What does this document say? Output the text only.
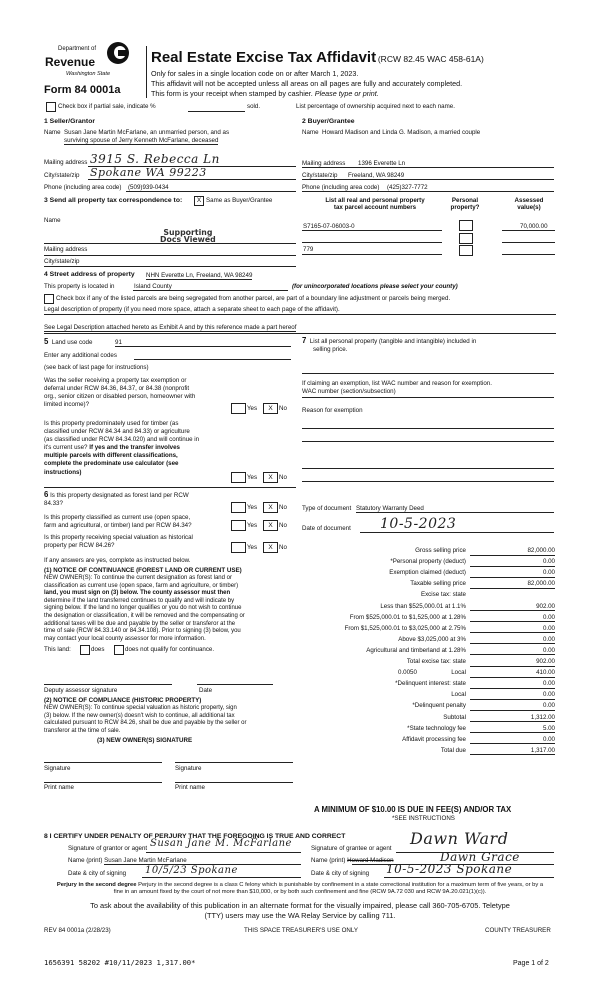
Department of
Revenue
Washington State
Form 84 0001a
Real Estate Excise Tax Affidavit (RCW 82.45 WAC 458-61A)
Only for sales in a single location code on or after March 1, 2023.
This affidavit will not be accepted unless all areas on all pages are fully and accurately completed.
This form is your receipt when stamped by cashier. Please type or print.
Check box if partial sale, indicate %	sold.	List percentage of ownership acquired next to each name.
1 Seller/Grantor
Name Susan Jane Martin McFarlane, an unmarried person, and as
surviving spouse of Jerry Kenneth McFarlane, deceased
Mailing address 3915 S. Rebecca Ln
City/state/zip Spokane WA 99223
Phone (including area code) (509)939-0434
2 Buyer/Grantee
Name Howard Madison and Linda G. Madison, a married couple
Mailing address 1396 Everette Ln
City/state/zip Freeland, WA 98249
Phone (including area code) (425)327-7772
3 Send all property tax correspondence to:	X Same as Buyer/Grantee
Name
Supporting
Docs Viewed
Mailing address
City/state/zip
List all real and personal property
tax parcel account numbers
Personal
property?
Assessed
value(s)
S7165-07-06003-0	70,000.00
779
4 Street address of property NHN Everette Ln, Freeland, WA 98249
This property is located in	Island County	(for unincorporated locations please select your county)
Check box if any of the listed parcels are being segregated from another parcel, are part of a boundary line adjustment or parcels being merged.
Legal description of property (if you need more space, attach a separate sheet to each page of the affidavit).
See Legal Description attached hereto as Exhibit A and by this reference made a part hereof
5 Land use code	91
Enter any additional codes
(see back of last page for instructions)
Was the seller receiving a property tax exemption or
deferral under RCW 84.36, 84.37, or 84.38 (nonprofit
org., senior citizen or disabled person, homeowner with
limited income)?
Yes	X	No
Is this property predominately used for timber (as
classified under RCW 84.34 and 84.33) or agriculture
(as classified under RCW 84.34.020) and will continue in
it's current use? If yes and the transfer involves
multiple parcels with different classifications,
complete the predominate use calculator (see
instructions)
Yes	X	No
6 Is this property designated as forest land per RCW
84.33?
Yes	X	No
Is this property classified as current use (open space,
farm and agricultural, or timber) land per RCW 84.34?	Yes	X	No
Is this property receiving special valuation as historical
property per RCW 84.26?	Yes	X	No
If any answers are yes, complete as instructed below.
(1) NOTICE OF CONTINUANCE (FOREST LAND OR CURRENT USE)
NEW OWNER(S): To continue the current designation as forest land or
classification as current use (open space, farm and agriculture, or timber)
land, you must sign on (3) below. The county assessor must then
determine if the land transferred continues to qualify and will indicate by
signing below. If the land no longer qualifies or you do not wish to continue
the designation or classification, it will be removed and the compensating or
additional taxes will be due and payable by the seller or transferor at the
time of sale (RCW 84.33.140 or 84.34.108). Prior to signing (3) below, you
may contact your local county assessor for more information.
This land:	does	does not qualify for continuance.
Deputy assessor signature	Date
(2) NOTICE OF COMPLIANCE (HISTORIC PROPERTY)
NEW OWNER(S): To continue special valuation as historic property, sign
(3) below. If the new owner(s) doesn't wish to continue, all additional tax
calculated pursuant to RCW 84.26, shall be due and payable by the seller or
transferor at the time of sale.
(3) NEW OWNER(S) SIGNATURE
Signature	Signature
Print name	Print name
7 List all personal property (tangible and intangible) included in
selling price.
If claiming an exemption, list WAC number and reason for exemption.
WAC number (section/subsection)
Reason for exemption
Type of document Statutory Warranty Deed
Date of document 10-5-2023
Gross selling price	82,000.00
*Personal property (deduct)	0.00
Exemption claimed (deduct)	0.00
Taxable selling price	82,000.00
Excise tax: state
Less than $525,000.01 at 1.1%	902.00
From $525,000.01 to $1,525,000 at 1.28%	0.00
From $1,525,000.01 to $3,025,000 at 2.75%	0.00
Above $3,025,000 at 3%	0.00
Agricultural and timberland at 1.28%	0.00
Total excise tax: state	902.00
Local	410.00
*Delinquent interest: state	0.00
Local	0.00
*Delinquent penalty	0.00
Subtotal	1,312.00
*State technology fee	5.00
Affidavit processing fee	0.00
Total due	1,317.00
0.0050
A MINIMUM OF $10.00 IS DUE IN FEE(S) AND/OR TAX
*SEE INSTRUCTIONS
8 I CERTIFY UNDER PENALTY OF PERJURY THAT THE FOREGOING IS TRUE AND CORRECT
Signature of grantor or agent Susan Jane M. McFarlane
Name (print) Susan Jane Martin McFarlane
Date & city of signing 10/5/23 Spokane
Signature of grantee or agent
Dawn Ward
Name (print) Howard Madison	Dawn Grace
Date & city of signing 10-5-2023 Spokane
Perjury in the second degree Perjury in the second degree is a class C felony which is punishable by confinement in a state correctional institution for a maximum term of five years, or by a
fine in an amount fixed by the court of not more than $10,000, or by both such confinement and fine (RCW 9A.72 030 and RCW 9A.20.021(1)(c)).
To ask about the availability of this publication in an alternate format for the visually impaired, please call 360-705-6705. Teletype
(TTY) users may use the WA Relay Service by calling 711.
REV 84 0001a (2/28/23)	THIS SPACE TREASURER'S USE ONLY	COUNTY TREASURER
1656391 58202 #10/11/2023 1,317.00*	Page 1 of 2
